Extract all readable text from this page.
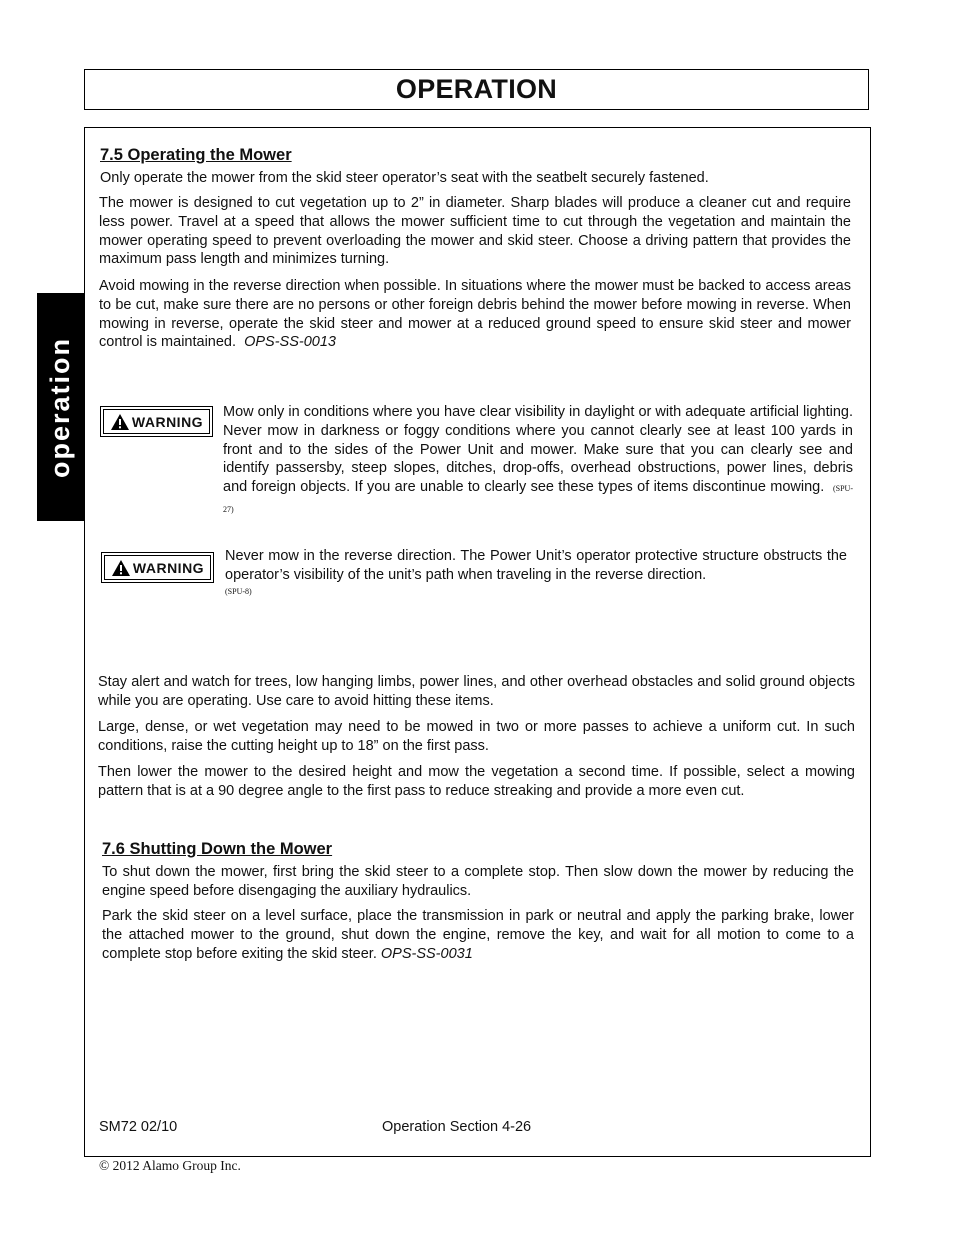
OPERATION
operation
7.5 Operating the Mower
Only operate the mower from the skid steer operator’s seat with the seatbelt securely fastened.
The mower is designed to cut vegetation up to 2” in diameter. Sharp blades will produce a cleaner cut and require less power. Travel at a speed that allows the mower sufficient time to cut through the vegetation and maintain the mower operating speed to prevent overloading the mower and skid steer. Choose a driving pattern that provides the maximum pass length and minimizes turning.
Avoid mowing in the reverse direction when possible. In situations where the mower must be backed to access areas to be cut, make sure there are no persons or other foreign debris behind the mower before mowing in reverse. When mowing in reverse, operate the skid steer and mower at a reduced ground speed to ensure skid steer and mower control is maintained. OPS-SS-0013
WARNING
Mow only in conditions where you have clear visibility in daylight or with adequate artificial lighting. Never mow in darkness or foggy conditions where you cannot clearly see at least 100 yards in front and to the sides of the Power Unit and mower. Make sure that you can clearly see and identify passersby, steep slopes, ditches, drop-offs, overhead obstructions, power lines, debris and foreign objects. If you are unable to clearly see these types of items discontinue mowing. (SPU-27)
WARNING
Never mow in the reverse direction. The Power Unit’s operator protective structure obstructs the operator’s visibility of the unit’s path when traveling in the reverse direction.
(SPU-8)
Stay alert and watch for trees, low hanging limbs, power lines, and other overhead obstacles and solid ground objects while you are operating. Use care to avoid hitting these items.
Large, dense, or wet vegetation may need to be mowed in two or more passes to achieve a uniform cut. In such conditions, raise the cutting height up to 18” on the first pass.
Then lower the mower to the desired height and mow the vegetation a second time. If possible, select a mowing pattern that is at a 90 degree angle to the first pass to reduce streaking and provide a more even cut.
7.6 Shutting Down the Mower
To shut down the mower, first bring the skid steer to a complete stop. Then slow down the mower by reducing the engine speed before disengaging the auxiliary hydraulics.
Park the skid steer on a level surface, place the transmission in park or neutral and apply the parking brake, lower the attached mower to the ground, shut down the engine, remove the key, and wait for all motion to come to a complete stop before exiting the skid steer. OPS-SS-0031
SM72 02/10	Operation Section 4-26
© 2012 Alamo Group Inc.
